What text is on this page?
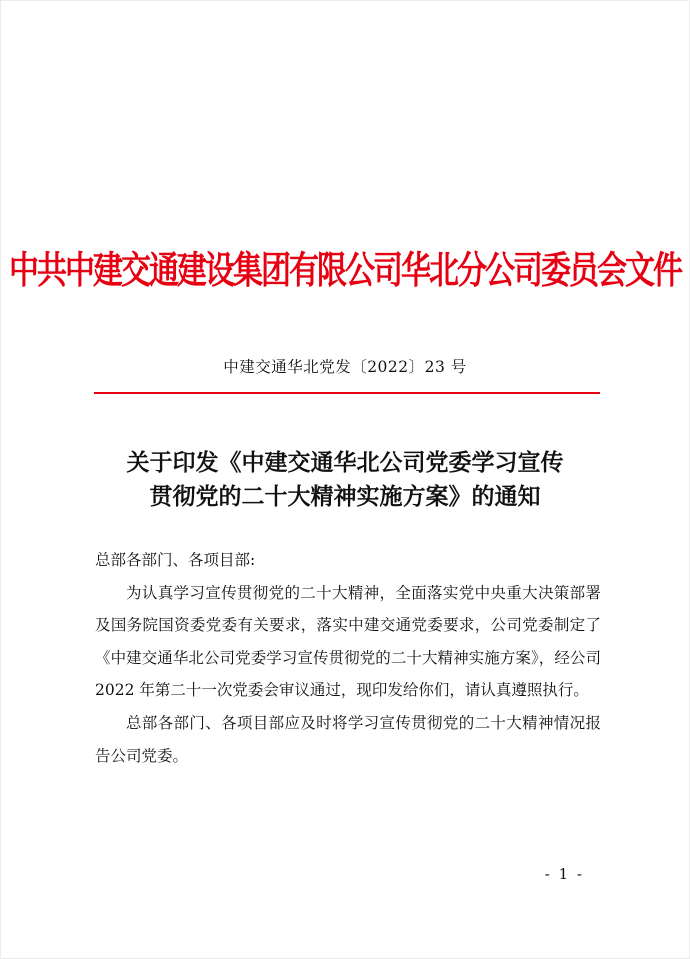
中共中建交通建设集团有限公司华北分公司委员会文件
中建交通华北党发〔2022〕23 号
关于印发《中建交通华北公司党委学习宣传
贯彻党的二十大精神实施方案》的通知

总部各部门、各项目部:

为认真学习宣传贯彻党的二十大精神，全面落实党中央重大决策部署及国务院国资委党委有关要求，落实中建交通党委要求，公司党委制定了《中建交通华北公司党委学习宣传贯彻党的二十大精神实施方案》，经公司 2022 年第二十一次党委会审议通过，现印发给你们，请认真遵照执行。

总部各部门、各项目部应及时将学习宣传贯彻党的二十大精神情况报告公司党委。

- 1 -
